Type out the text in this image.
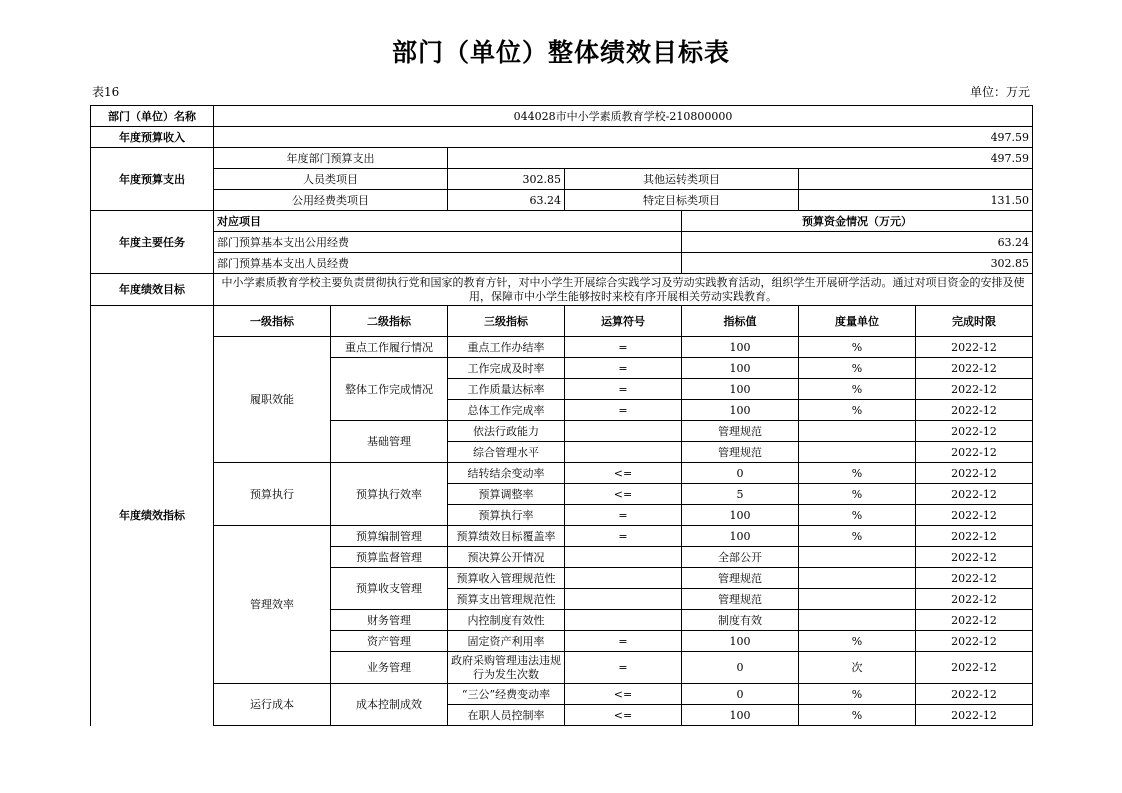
部门（单位）整体绩效目标表
表16	单位：万元
部门（单位）名称	044028市中小学素质教育学校-210800000						
年度预算收入	497.59						
年度预算支出	年度部门预算支出		497.59				
	人员类项目		302.85	其他运转类项目			
	公用经费类项目		63.24	特定目标类项目		131.50	
年度主要任务	对应项目				预算资金情况（万元）		
	部门预算基本支出公用经费				63.24		
	部门预算基本支出人员经费				302.85		
年度绩效目标	中小学素质教育学校主要负责贯彻执行党和国家的教育方针，对中小学生开展综合实践学习及劳动实践教育活动，组织学生开展研学活动。通过对项目资金的安排及使用，保障市中小学生能够按时来校有序开展相关劳动实践教育。						
年度绩效指标	一级指标	二级指标	三级指标	运算符号	指标值	度量单位	完成时限
	履职效能	重点工作履行情况	重点工作办结率	=	100	%	2022-12
		整体工作完成情况	工作完成及时率	=	100	%	2022-12
			工作质量达标率	=	100	%	2022-12
			总体工作完成率	=	100	%	2022-12
		基础管理	依法行政能力		管理规范		2022-12
			综合管理水平		管理规范		2022-12
	预算执行	预算执行效率	结转结余变动率	<=	0	%	2022-12
			预算调整率	<=	5	%	2022-12
			预算执行率	=	100	%	2022-12
	管理效率	预算编制管理	预算绩效目标覆盖率	=	100	%	2022-12
		预算监督管理	预决算公开情况		全部公开		2022-12
		预算收支管理	预算收入管理规范性		管理规范		2022-12
			预算支出管理规范性		管理规范		2022-12
		财务管理	内控制度有效性		制度有效		2022-12
		资产管理	固定资产利用率	=	100	%	2022-12
		业务管理	政府采购管理违法违规行为发生次数	=	0	次	2022-12
	运行成本	成本控制成效	“三公”经费变动率	<=	0	%	2022-12
			在职人员控制率	<=	100	%	2022-12
